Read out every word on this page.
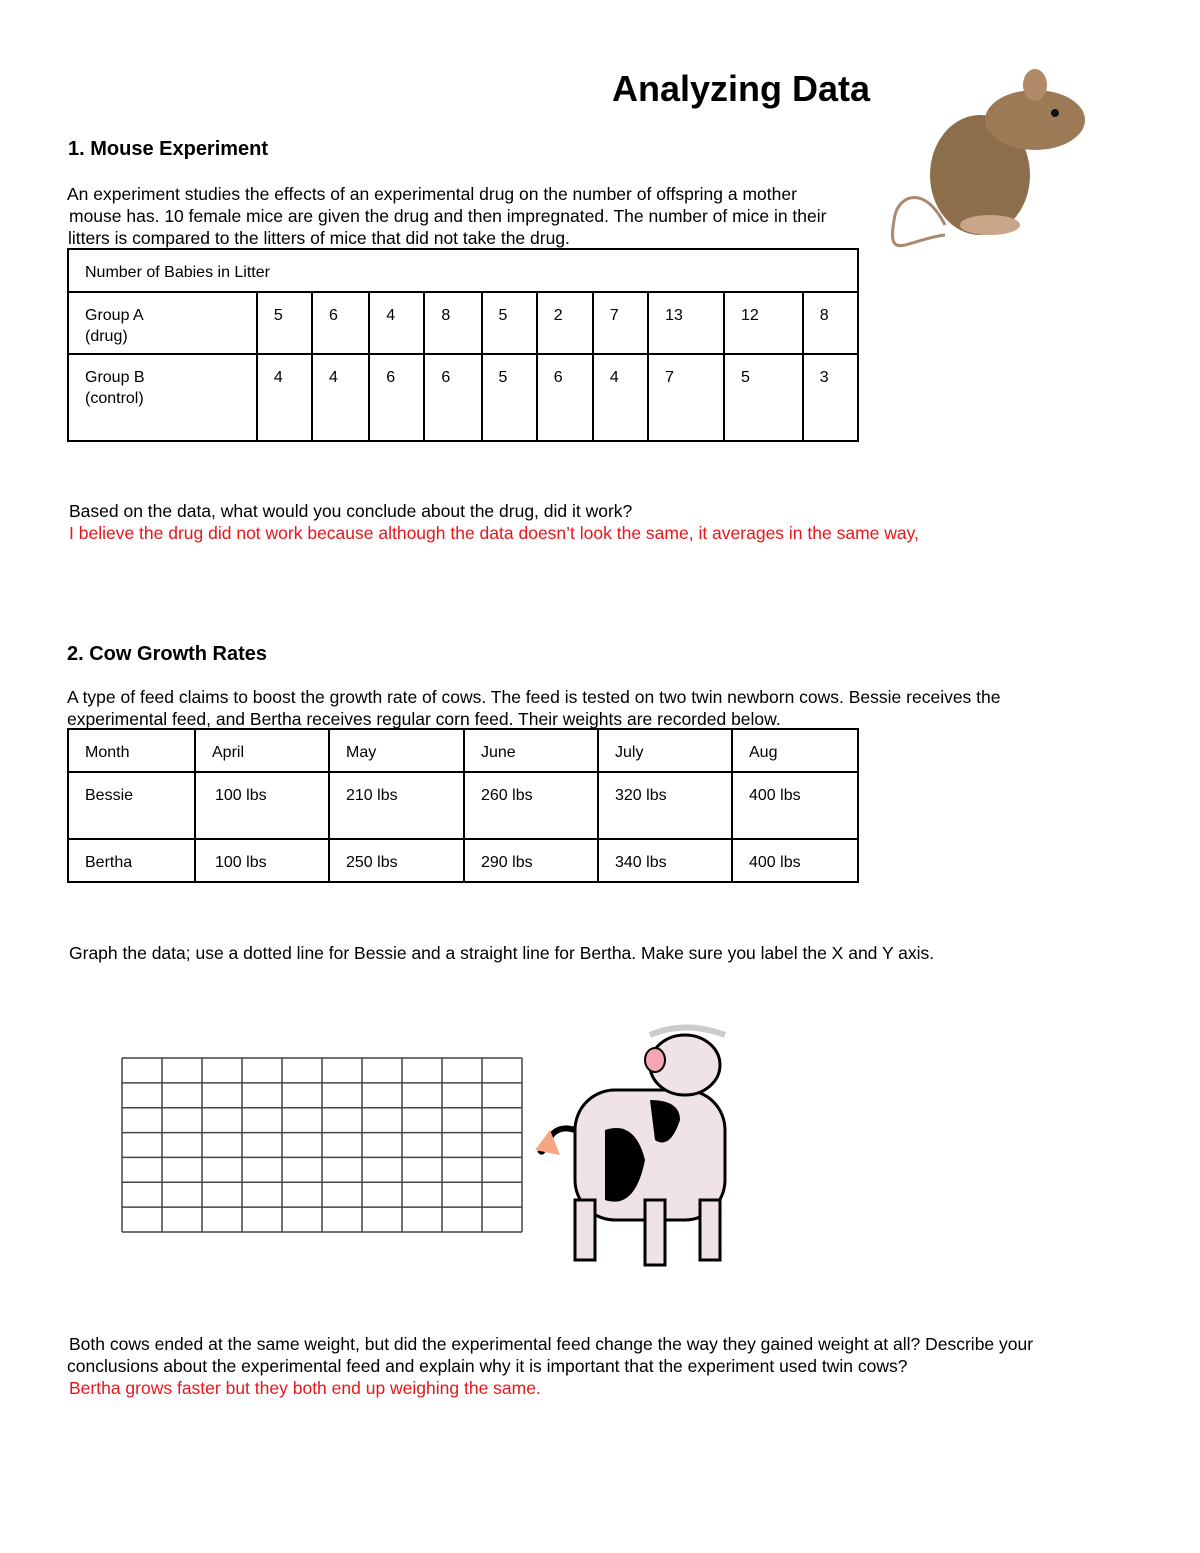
Analyzing Data
1. Mouse Experiment
An experiment studies the effects of an experimental drug on the number of offspring a mother
mouse has. 10 female mice are given the drug and then impregnated. The number of mice in their
litters is compared to the litters of mice that did not take the drug.
Number of Babies in Litter										
Group A
(drug)	5	6	4	8	5	2	7	13	12	8
Group B
(control)	4	4	6	6	5	6	4	7	5	3
Based on the data, what would you conclude about the drug, did it work?
I believe the drug did not work because although the data doesn’t look the same, it averages in the same way,
2. Cow Growth Rates
A type of feed claims to boost the growth rate of cows. The feed is tested on two twin newborn cows. Bessie receives the
experimental feed, and Bertha receives regular corn feed. Their weights are recorded below.
Month	April	May	June	July	Aug
Bessie	100 lbs	210 lbs	260 lbs	320 lbs	400 lbs
Bertha	100 lbs	250 lbs	290 lbs	340 lbs	400 lbs
Graph the data; use a dotted line for Bessie and a straight line for Bertha. Make sure you label the X and Y axis.
Both cows ended at the same weight, but did the experimental feed change the way they gained weight at all? Describe your
conclusions about the experimental feed and explain why it is important that the experiment used twin cows?
Bertha grows faster but they both end up weighing the same.
